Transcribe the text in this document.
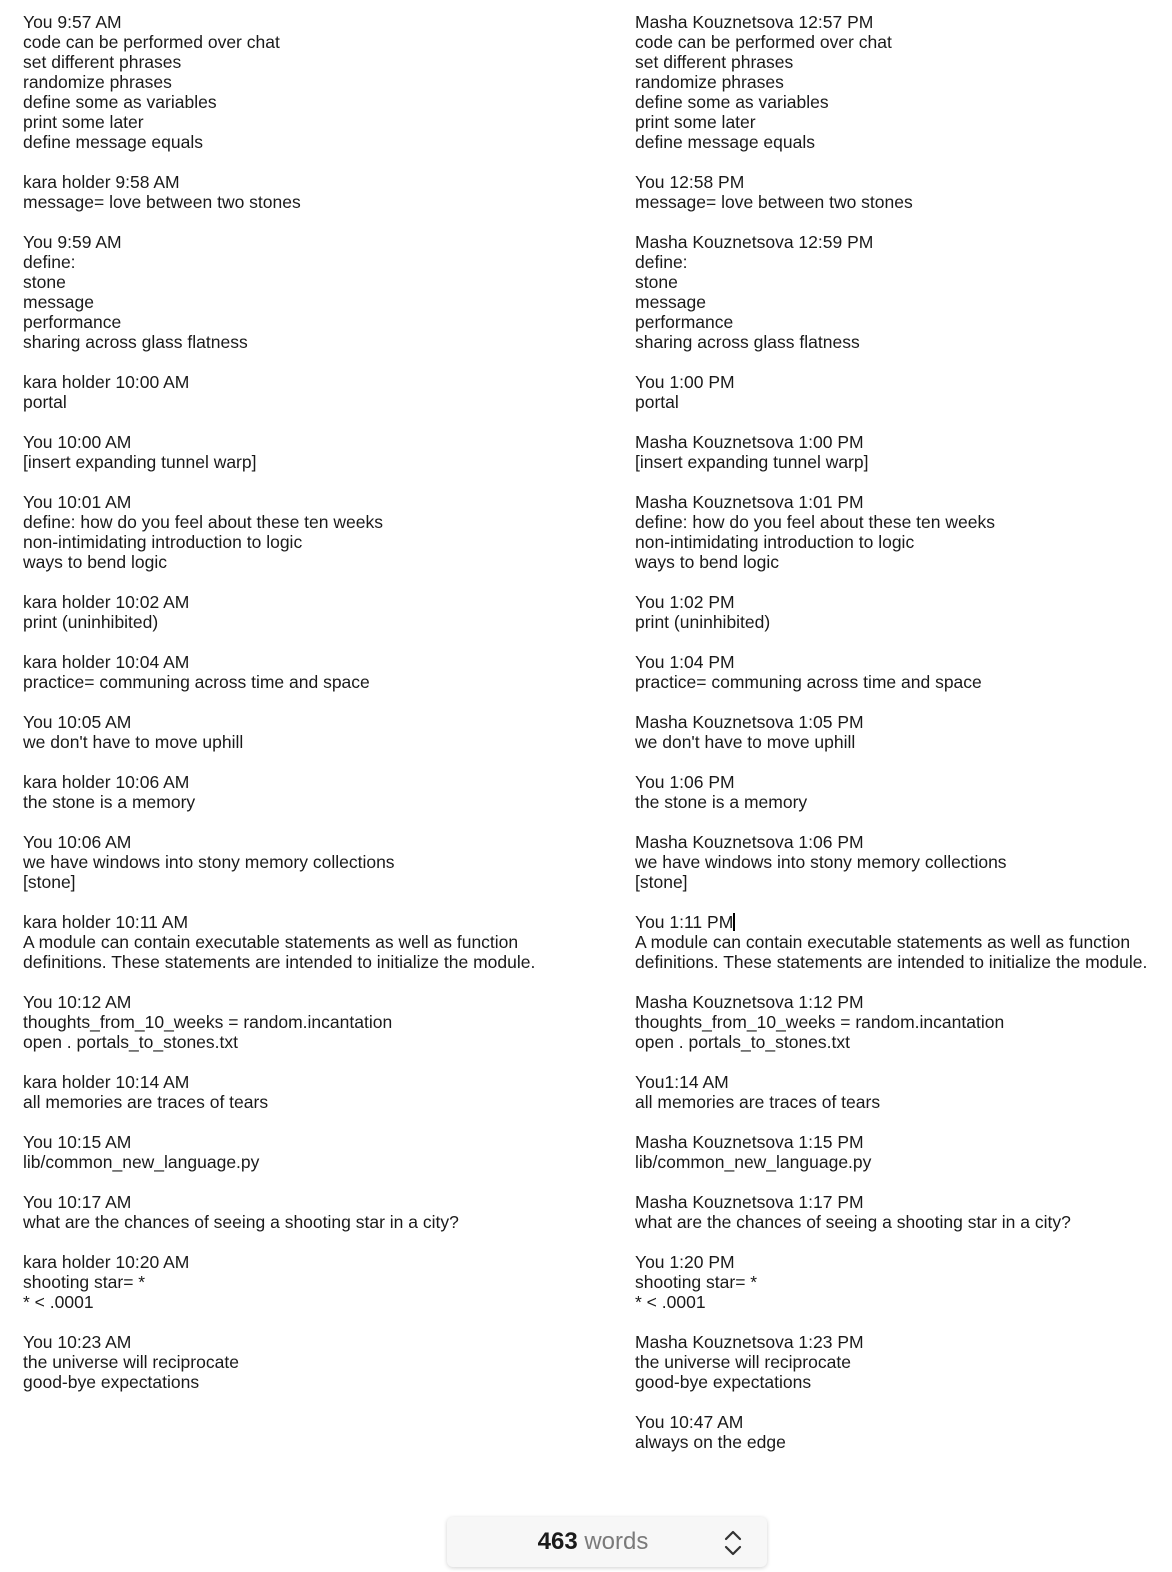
You 9:57 AM
code can be performed over chat
set different phrases
randomize phrases
define some as variables
print some later
define message equals
kara holder 9:58 AM
message= love between two stones
You 9:59 AM
define:
stone
message
performance
sharing across glass flatness
kara holder 10:00 AM
portal
You 10:00 AM
[insert expanding tunnel warp]
You 10:01 AM
define: how do you feel about these ten weeks
non-intimidating introduction to logic
ways to bend logic
kara holder 10:02 AM
print (uninhibited)
kara holder 10:04 AM
practice= communing across time and space
You 10:05 AM
we don't have to move uphill
kara holder 10:06 AM
the stone is a memory
You 10:06 AM
we have windows into stony memory collections
[stone]
kara holder 10:11 AM
A module can contain executable statements as well as function
definitions. These statements are intended to initialize the module.
You 10:12 AM
thoughts_from_10_weeks = random.incantation
open . portals_to_stones.txt
kara holder 10:14 AM
all memories are traces of tears
You 10:15 AM
lib/common_new_language.py
You 10:17 AM
what are the chances of seeing a shooting star in a city?
kara holder 10:20 AM
shooting star= *
* < .0001
You 10:23 AM
the universe will reciprocate
good-bye expectations
Masha Kouznetsova 12:57 PM
code can be performed over chat
set different phrases
randomize phrases
define some as variables
print some later
define message equals
You 12:58 PM
message= love between two stones
Masha Kouznetsova 12:59 PM
define:
stone
message
performance
sharing across glass flatness
You 1:00 PM
portal
Masha Kouznetsova 1:00 PM
[insert expanding tunnel warp]
Masha Kouznetsova 1:01 PM
define: how do you feel about these ten weeks
non-intimidating introduction to logic
ways to bend logic
You 1:02 PM
print (uninhibited)
You 1:04 PM
practice= communing across time and space
Masha Kouznetsova 1:05 PM
we don't have to move uphill
You 1:06 PM
the stone is a memory
Masha Kouznetsova 1:06 PM
we have windows into stony memory collections
[stone]
You 1:11 PM
A module can contain executable statements as well as function
definitions. These statements are intended to initialize the module.
Masha Kouznetsova 1:12 PM
thoughts_from_10_weeks = random.incantation
open . portals_to_stones.txt
You1:14 AM
all memories are traces of tears
Masha Kouznetsova 1:15 PM
lib/common_new_language.py
Masha Kouznetsova 1:17 PM
what are the chances of seeing a shooting star in a city?
You 1:20 PM
shooting star= *
* < .0001
Masha Kouznetsova 1:23 PM
the universe will reciprocate
good-bye expectations
You 10:47 AM
always on the edge
463 words
